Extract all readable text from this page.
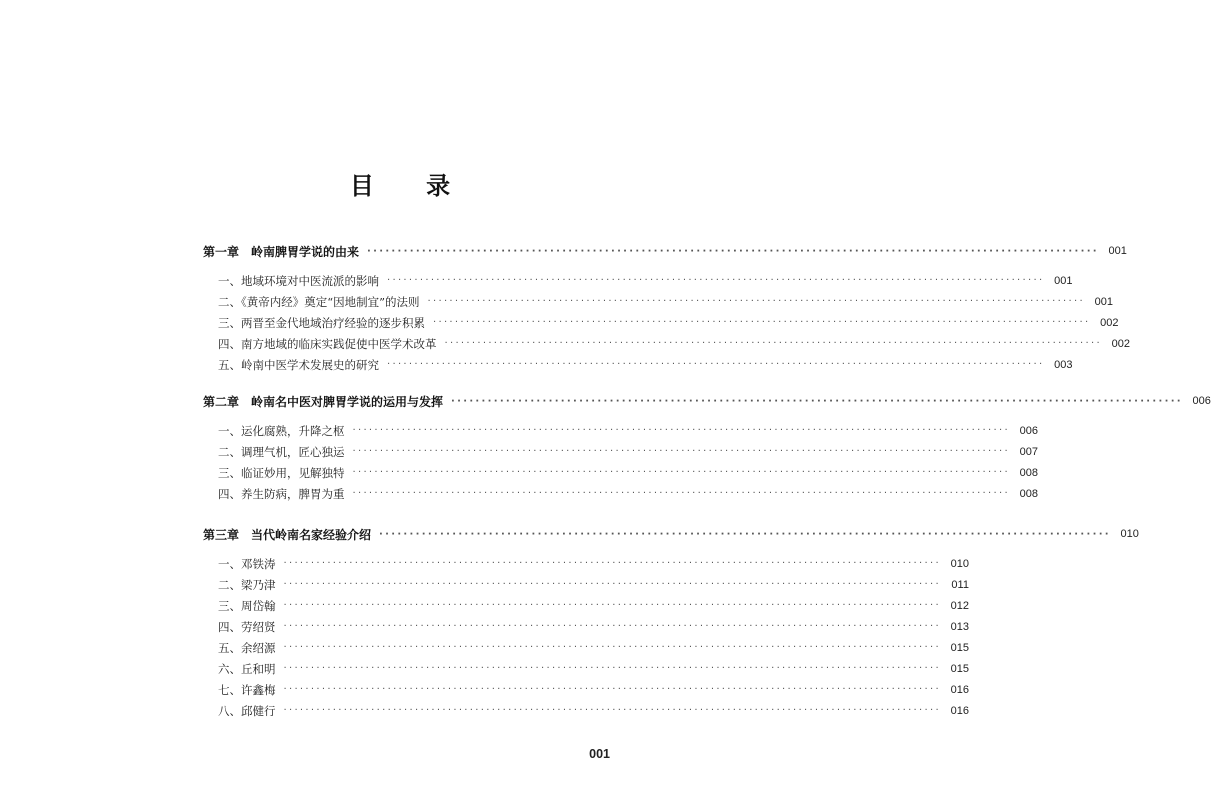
目 录
第一章 岭南脾胃学说的由来 ························································································································ 001
一、地域环境对中医流派的影响 ························································································································ 001
二、《黄帝内经》奠定“因地制宜”的法则 ························································································································ 001
三、两晋至金代地域治疗经验的逐步积累 ························································································································ 002
四、南方地域的临床实践促使中医学术改革 ························································································································ 002
五、岭南中医学术发展史的研究 ························································································································ 003
第二章 岭南名中医对脾胃学说的运用与发挥 ························································································································ 006
一、运化腐熟，升降之枢 ························································································································ 006
二、调理气机，匠心独运 ························································································································ 007
三、临证妙用，见解独特 ························································································································ 008
四、养生防病，脾胃为重 ························································································································ 008
第三章 当代岭南名家经验介绍 ························································································································ 010
一、邓铁涛 ························································································································ 010
二、梁乃津 ························································································································ 011
三、周岱翰 ························································································································ 012
四、劳绍贤 ························································································································ 013
五、余绍源 ························································································································ 015
六、丘和明 ························································································································ 015
七、许鑫梅 ························································································································ 016
八、邱健行 ························································································································ 016
001
